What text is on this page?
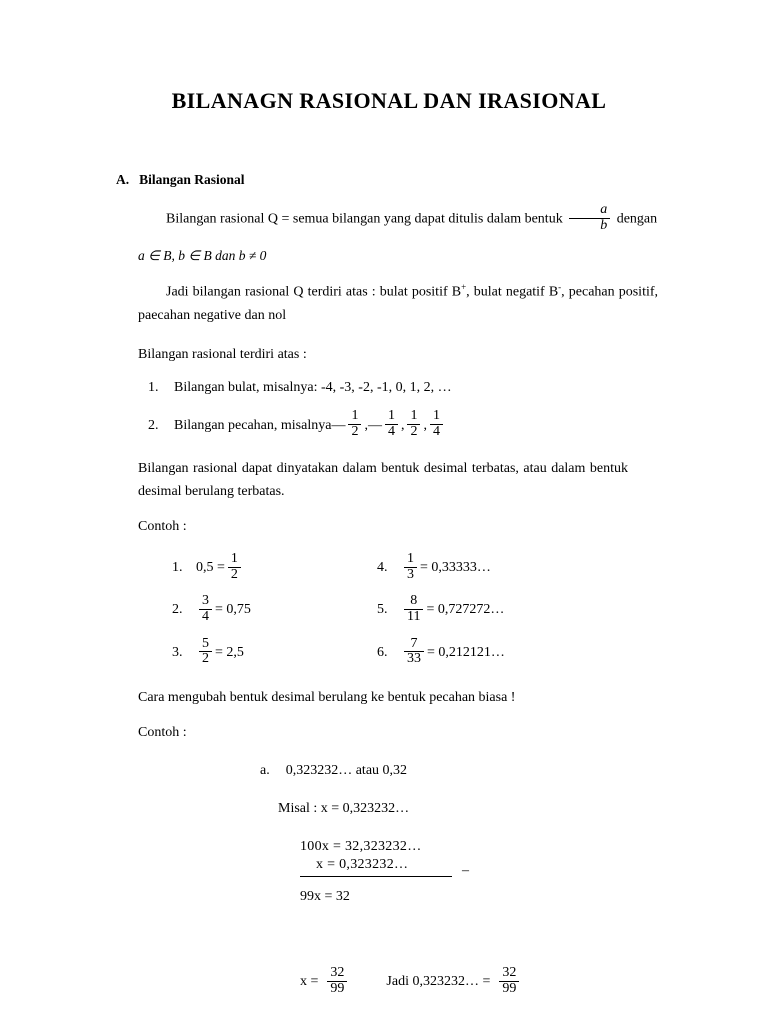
BILANAGN RASIONAL DAN IRASIONAL
A. Bilangan Rasional

Bilangan rasional Q = semua bilangan yang dapat ditulis dalam bentuk $\frac{a}{b}$ dengan

a ∈ B, b ∈ B dan b ≠ 0

Jadi bilangan rasional Q terdiri atas : bulat positif B+, bulat negatif B-, pecahan positif, paecahan negative dan nol

Bilangan rasional terdiri atas :

1.	Bilangan bulat, misalnya: -4, -3, -2, -1, 0, 1, 2, …
2.	Bilangan pecahan, misalnya — $\frac{1}{2}$ ,— $\frac{1}{4}$ , $\frac{1}{2}$ , $\frac{1}{4}$

Bilangan rasional dapat dinyatakan dalam bentuk desimal terbatas, atau dalam bentuk desimal berulang terbatas.

Contoh :
1. $0,5 = \frac{1}{2}$	4.	$\frac{1}{3}$ = 0,33333…
2.	$\frac{3}{4} = 0,75$	5.	$\frac{8}{11}$ = 0,727272…
3.	$\frac{5}{2} = 2,5$	6.	$\frac{7}{33}$ = 0,212121…

Cara mengubah bentuk desimal berulang ke bentuk pecahan biasa !

Contoh :
a. 0,323232… atau 0,32
Misal : x = 0,323232…
100x = 32,323232…
x = 0,323232…	–
99x = 32
$x = \frac{32}{99}$	Jadi 0,323232… = $\frac{32}{99}$
